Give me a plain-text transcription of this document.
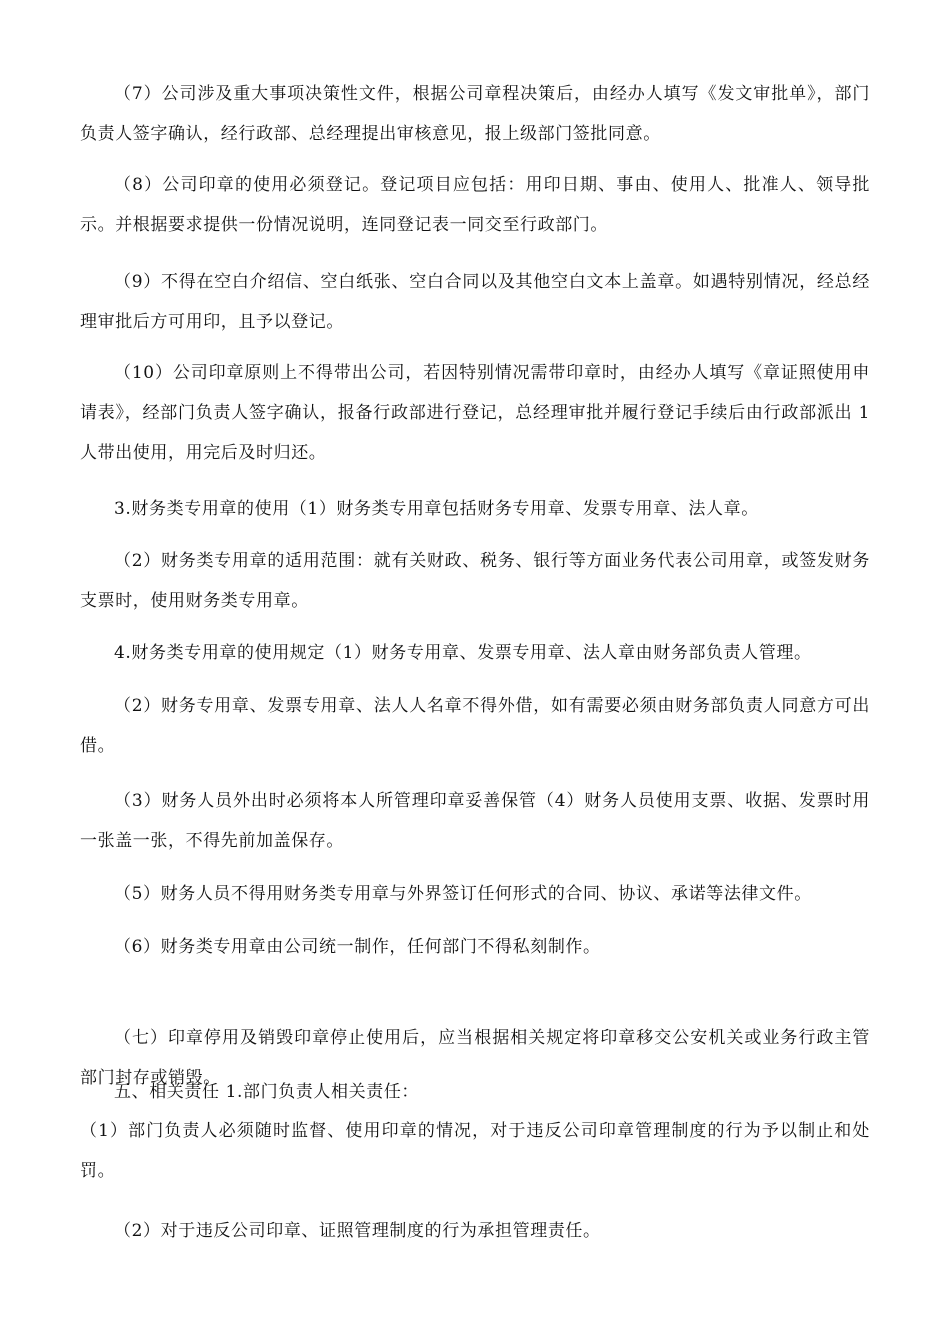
（7）公司涉及重大事项决策性文件，根据公司章程决策后，由经办人填写《发文审批单》，部门负责人签字确认，经行政部、总经理提出审核意见，报上级部门签批同意。

（8）公司印章的使用必须登记。登记项目应包括：用印日期、事由、使用人、批准人、领导批示。并根据要求提供一份情况说明，连同登记表一同交至行政部门。

（9）不得在空白介绍信、空白纸张、空白合同以及其他空白文本上盖章。如遇特别情况，经总经理审批后方可用印，且予以登记。

（10）公司印章原则上不得带出公司，若因特别情况需带印章时，由经办人填写《章证照使用申请表》，经部门负责人签字确认，报备行政部进行登记，总经理审批并履行登记手续后由行政部派出 1 人带出使用，用完后及时归还。

3.财务类专用章的使用（1）财务类专用章包括财务专用章、发票专用章、法人章。

（2）财务类专用章的适用范围：就有关财政、税务、银行等方面业务代表公司用章，或签发财务支票时，使用财务类专用章。

4.财务类专用章的使用规定（1）财务专用章、发票专用章、法人章由财务部负责人管理。

（2）财务专用章、发票专用章、法人人名章不得外借，如有需要必须由财务部负责人同意方可出借。

（3）财务人员外出时必须将本人所管理印章妥善保管（4）财务人员使用支票、收据、发票时用一张盖一张，不得先前加盖保存。

（5）财务人员不得用财务类专用章与外界签订任何形式的合同、协议、承诺等法律文件。

（6）财务类专用章由公司统一制作，任何部门不得私刻制作。

（七）印章停用及销毁印章停止使用后，应当根据相关规定将印章移交公安机关或业务行政主管部门封存或销毁。

五、相关责任 1.部门负责人相关责任：

（1）部门负责人必须随时监督、使用印章的情况，对于违反公司印章管理制度的行为予以制止和处罚。

（2）对于违反公司印章、证照管理制度的行为承担管理责任。
